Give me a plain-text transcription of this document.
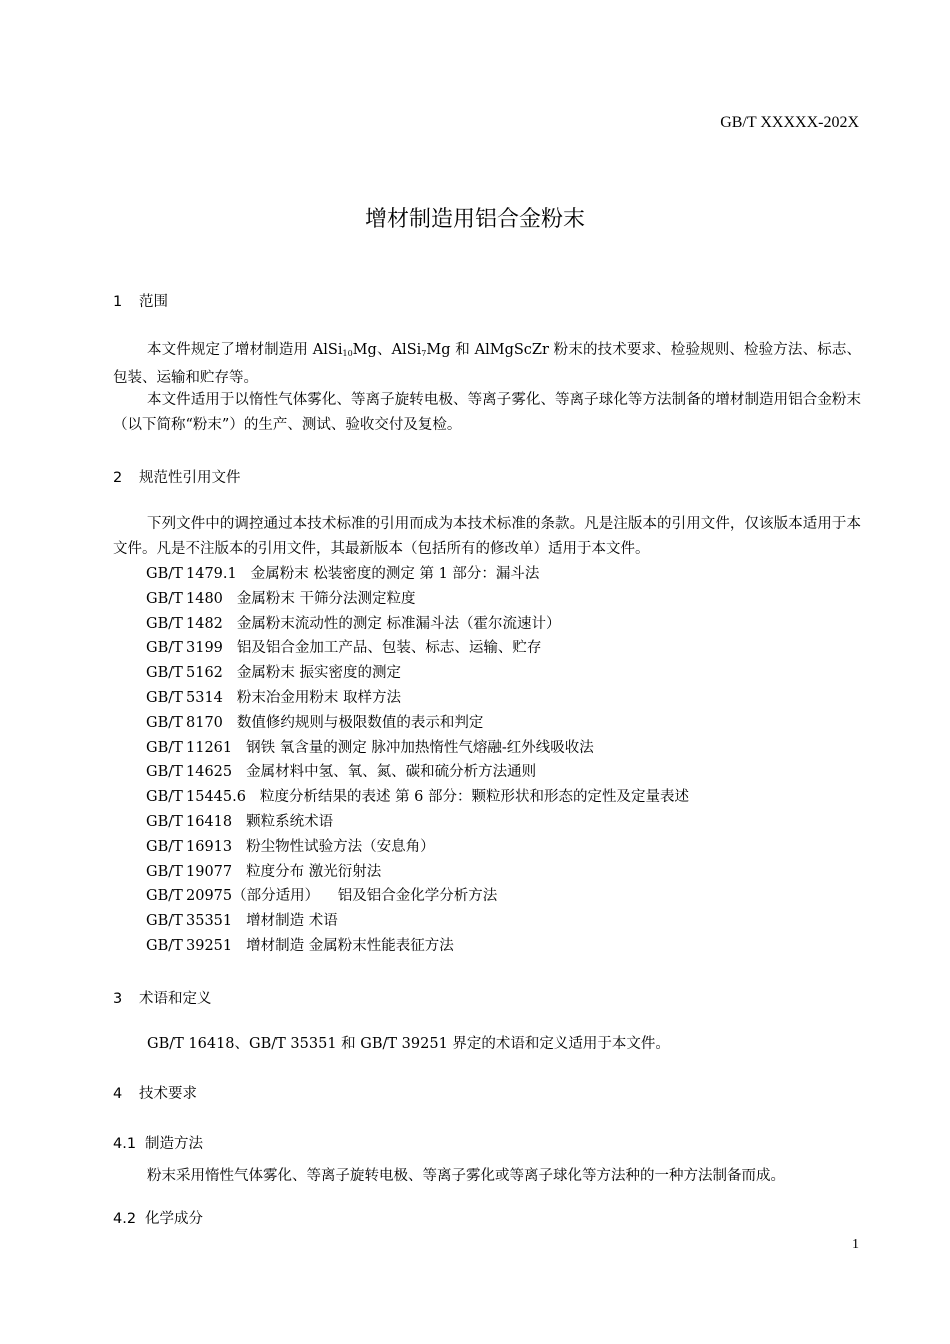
GB/T XXXXX-202X
增材制造用铝合金粉末
1 范围

本文件规定了增材制造用 AlSi$_{10}$Mg、AlSi$_7$Mg 和 AlMgScZr 粉末的技术要求、检验规则、检验方法、标志、包装、运输和贮存等。

本文件适用于以惰性气体雾化、等离子旋转电极、等离子雾化、等离子球化等方法制备的增材制造用铝合金粉末（以下简称“粉末”）的生产、测试、验收交付及复检。

2 规范性引用文件

下列文件中的调控通过本技术标准的引用而成为本技术标准的条款。凡是注版本的引用文件，仅该版本适用于本文件。凡是不注版本的引用文件，其最新版本（包括所有的修改单）适用于本文件。

GB/T 1479.1 金属粉末 松装密度的测定 第 1 部分：漏斗法
GB/T 1480 金属粉末 干筛分法测定粒度
GB/T 1482 金属粉末流动性的测定 标准漏斗法（霍尔流速计）
GB/T 3199 铝及铝合金加工产品、包装、标志、运输、贮存
GB/T 5162 金属粉末 振实密度的测定
GB/T 5314 粉末冶金用粉末 取样方法
GB/T 8170 数值修约规则与极限数值的表示和判定
GB/T 11261 钢铁 氧含量的测定 脉冲加热惰性气熔融-红外线吸收法
GB/T 14625 金属材料中氢、氧、氮、碳和硫分析方法通则
GB/T 15445.6 粒度分析结果的表述 第 6 部分：颗粒形状和形态的定性及定量表述
GB/T 16418 颗粒系统术语
GB/T 16913 粉尘物性试验方法（安息角）
GB/T 19077 粒度分布 激光衍射法
GB/T 20975（部分适用） 铝及铝合金化学分析方法
GB/T 35351 增材制造 术语
GB/T 39251 增材制造 金属粉末性能表征方法
3 术语和定义

GB/T 16418、GB/T 35351 和 GB/T 39251 界定的术语和定义适用于本文件。

4 技术要求
4.1 制造方法

粉末采用惰性气体雾化、等离子旋转电极、等离子雾化或等离子球化等方法种的一种方法制备而成。

4.2 化学成分
1
